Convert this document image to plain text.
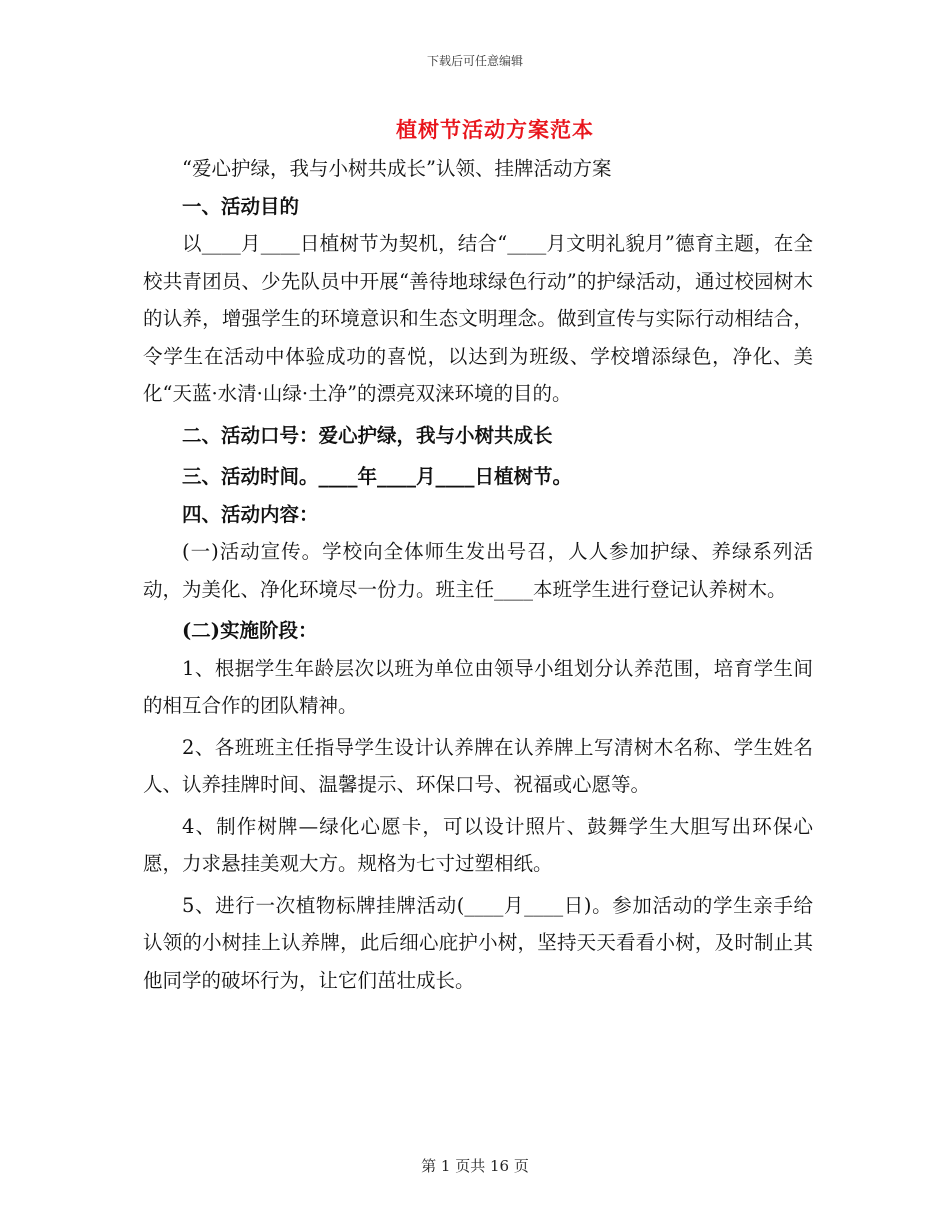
下载后可任意编辑
植树节活动方案范本

“爱心护绿，我与小树共成长”认领、挂牌活动方案

一、活动目的

以____月____日植树节为契机，结合“____月文明礼貌月”德育主题，在全校共青团员、少先队员中开展“善待地球绿色行动”的护绿活动，通过校园树木的认养，增强学生的环境意识和生态文明理念。做到宣传与实际行动相结合，令学生在活动中体验成功的喜悦，以达到为班级、学校增添绿色，净化、美化“天蓝·水清·山绿·土净”的漂亮双涞环境的目的。

二、活动口号：爱心护绿，我与小树共成长
三、活动时间。____年____月____日植树节。
四、活动内容：

(一)活动宣传。学校向全体师生发出号召，人人参加护绿、养绿系列活动，为美化、净化环境尽一份力。班主任____本班学生进行登记认养树木。

(二)实施阶段：

1、根据学生年龄层次以班为单位由领导小组划分认养范围，培育学生间的相互合作的团队精神。

2、各班班主任指导学生设计认养牌在认养牌上写清树木名称、学生姓名人、认养挂牌时间、温馨提示、环保口号、祝福或心愿等。

4、制作树牌—绿化心愿卡，可以设计照片、鼓舞学生大胆写出环保心愿，力求悬挂美观大方。规格为七寸过塑相纸。

5、进行一次植物标牌挂牌活动(____月____日)。参加活动的学生亲手给认领的小树挂上认养牌，此后细心庇护小树，坚持天天看看小树，及时制止其他同学的破坏行为，让它们茁壮成长。

第 1 页共 16 页
